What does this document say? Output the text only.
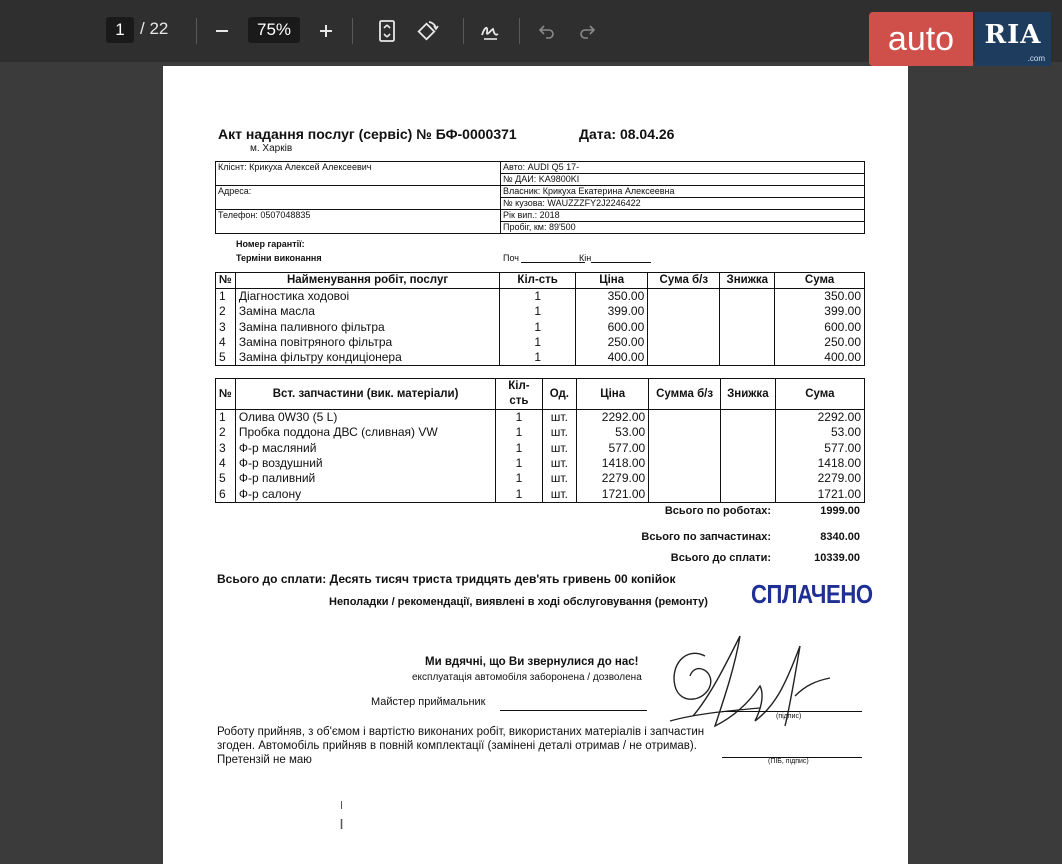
1 / 22	75%	auto	RIA
.com
Акт надання послуг (сервіс) № БФ-0000371	Дата: 08.04.26
м. Харків
Кліснт: Крикуха Алексей Алексеевич	Авто: AUDI Q5 17-
	№ ДАИ: KA9800KI
Адреса:	Власник: Крикуха Екатерина Алексеевна
	№ кузова: WAUZZZFY2J2246422
Телефон: 0507048835	Рік вип.: 2018
	Пробіг, км: 89'500
Номер гарантії:
Терміни виконання	Поч	Кін
№	Найменування робіт, послуг	Кіл-сть	Ціна	Сума б/з	Знижка	Сума
1	Діагностика ходовоі	1	350.00			350.00
2	Заміна масла	1	399.00			399.00
3	Заміна паливного фільтра	1	600.00			600.00
4	Заміна повітряного фільтра	1	250.00			250.00
5	Заміна фільтру кондиціонера	1	400.00			400.00
№	Вст. запчастини (вик. матеріали)	Кіл-сть	Од.	Ціна	Сумма б/з	Знижка	Сума
1	Олива 0W30 (5 L)	1	шт.	2292.00			2292.00
2	Пробка поддона ДВС (сливная) VW	1	шт.	53.00			53.00
3	Ф-р масляний	1	шт.	577.00			577.00
4	Ф-р воздушний	1	шт.	1418.00			1418.00
5	Ф-р паливний	1	шт.	2279.00			2279.00
6	Ф-р салону	1	шт.	1721.00			1721.00
Всього по роботах:	1999.00
Всього по запчастинах:	8340.00
Всього до сплати:	10339.00
Всього до сплати: Десять тисяч триста тридцять дев'ять гривень 00 копійок
Неполадки / рекомендації, виявлені в ході обслуговування (ремонту) СПЛАЧЕНО
Ми вдячні, що Ви звернулися до нас!
експлуатація автомобіля заборонена / дозволена
Майстер приймальник
(підпис)
Роботу прийняв, з об'ємом і вартістю виконаних робіт, використаних матеріалів і запчастин згоден. Автомобіль прийняв в повній комплектації (замінені деталі отримав / не отримав). Претензій не маю	(ПІБ, підпис)
